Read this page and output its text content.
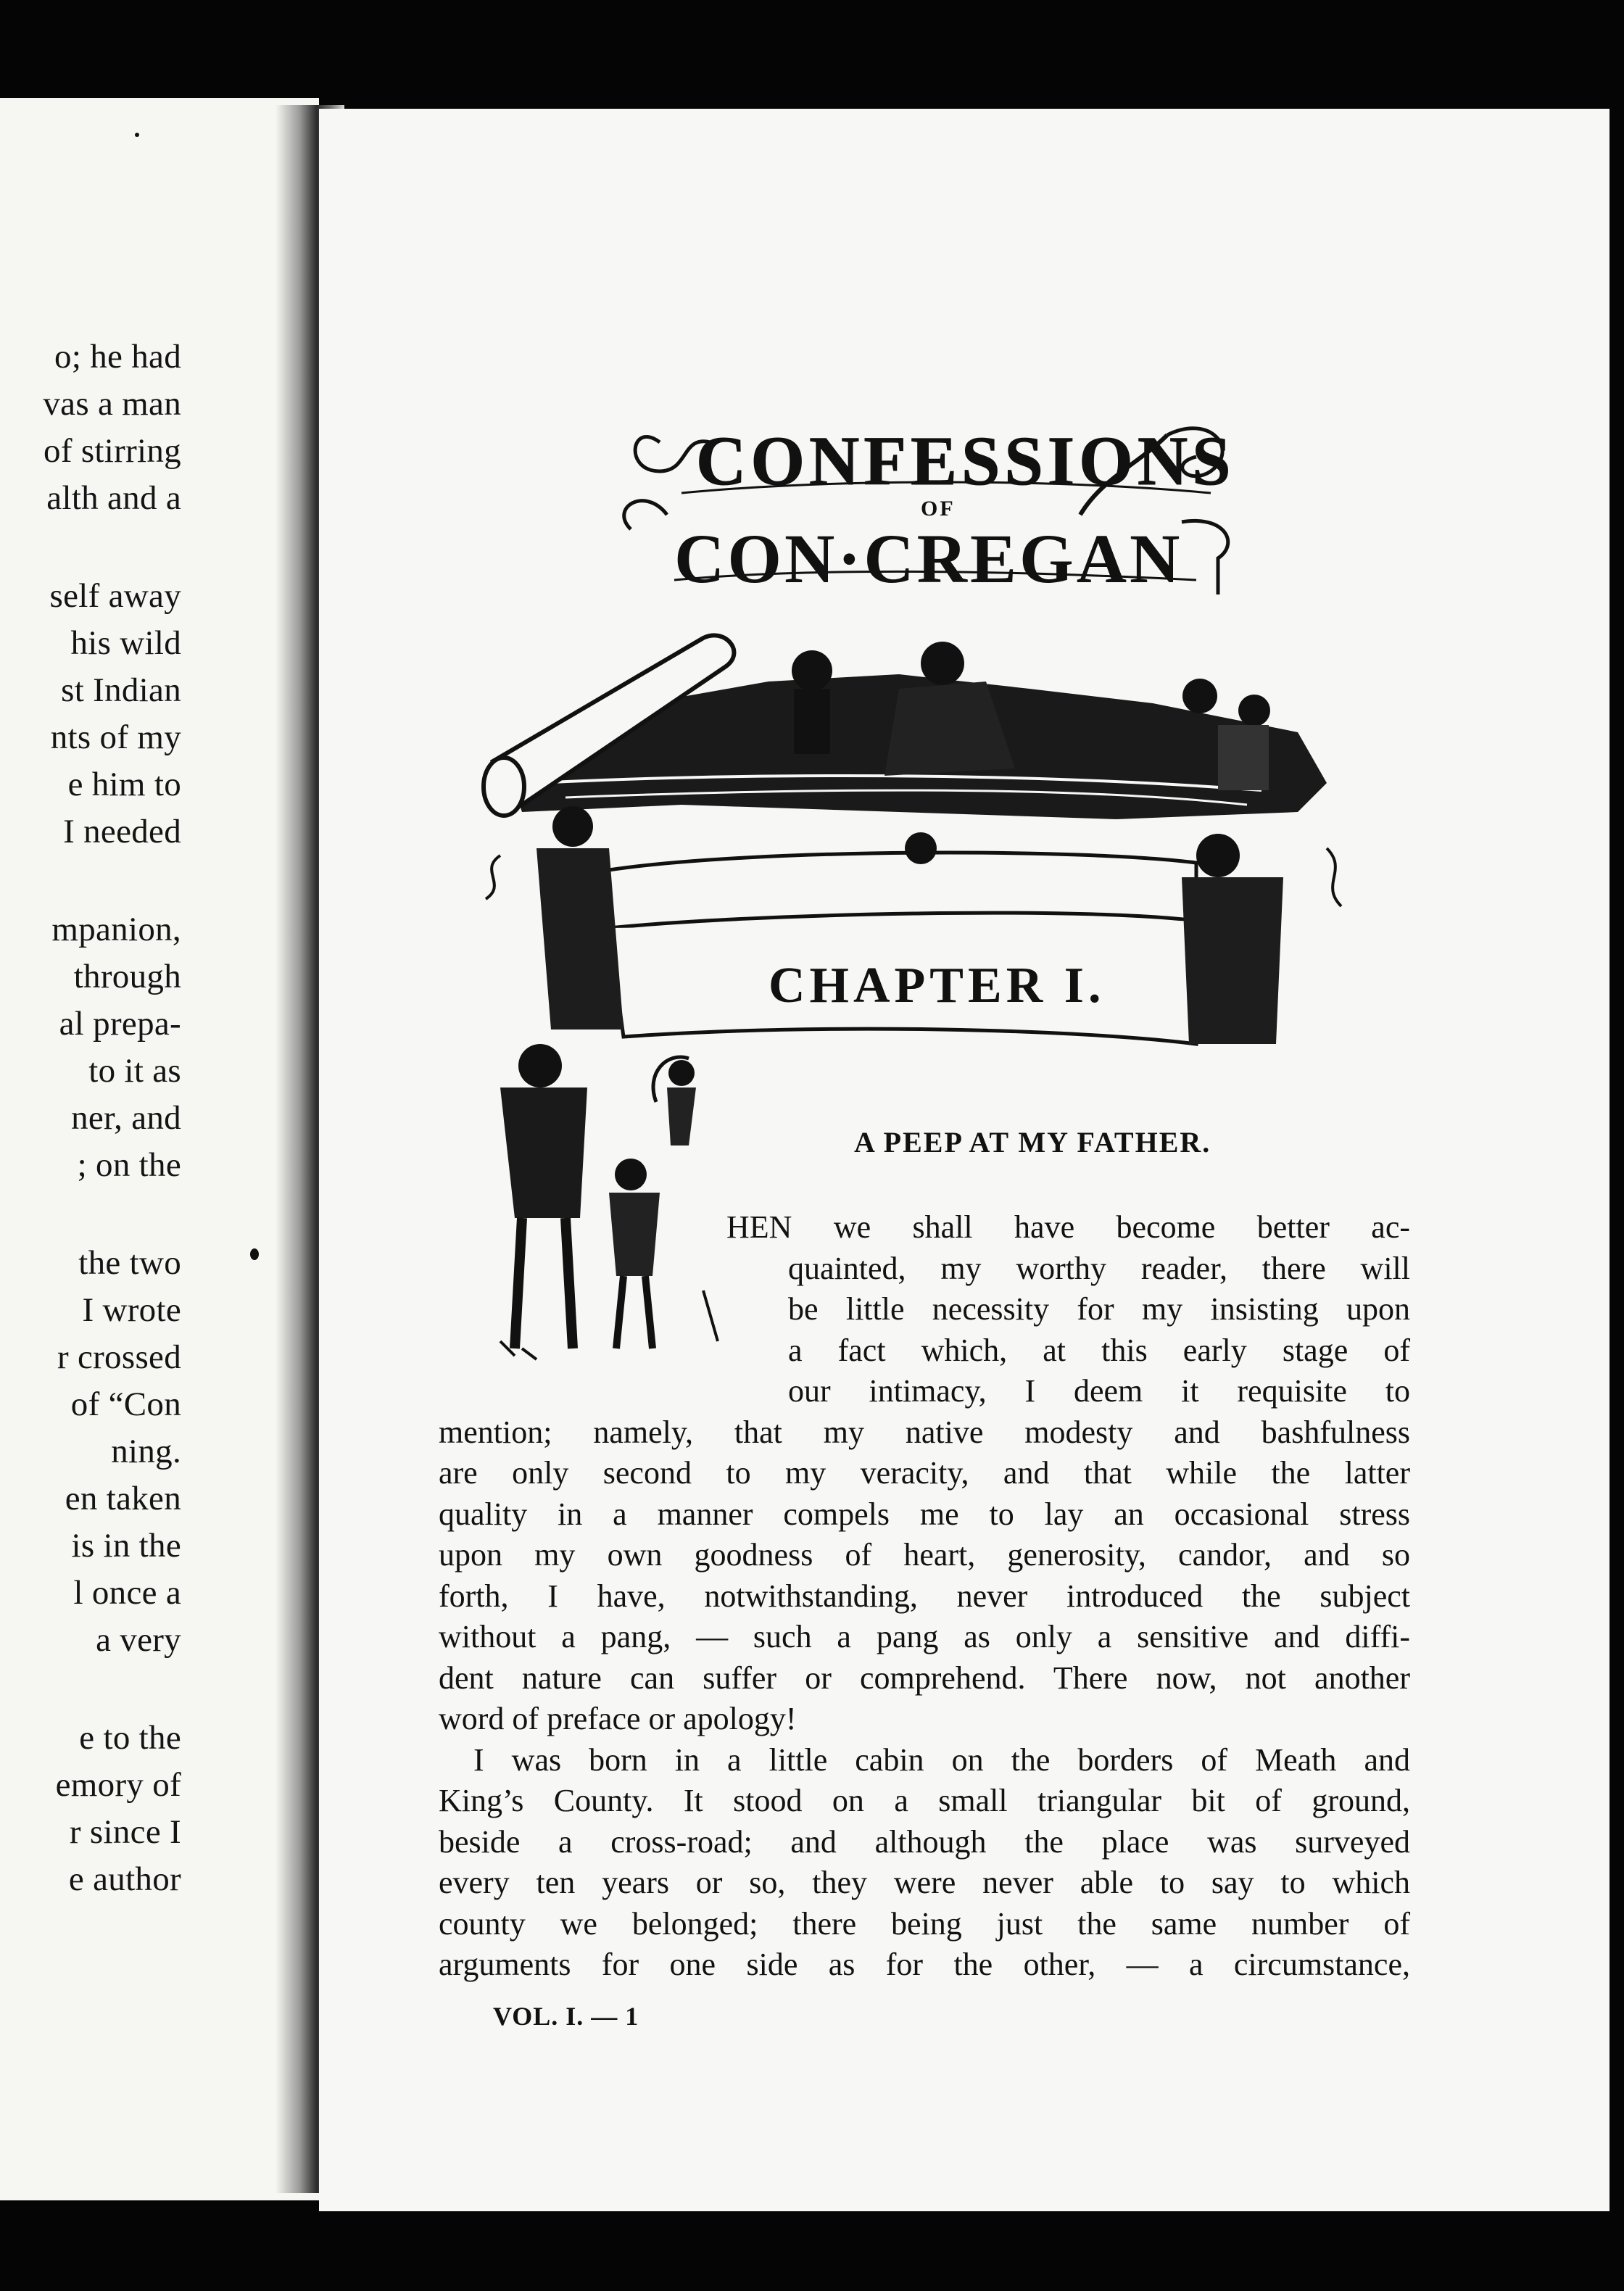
o; he had
vas a man
of stirring
alth and a
self away
his wild
st Indian
nts of my
e him to
I needed
mpanion,
through
al prepa-
to it as
ner, and
; on the
the two
I wrote
r crossed
of “Con
ning.
en taken
is in the
l once a
a very
e to the
emory of
r since I
e author
CONFESSIONS
OF
CON·CREGAN
CHAPTER I.
A PEEP AT MY FATHER.
HEN we shall have become better ac-
quainted, my worthy reader, there will
be little necessity for my insisting upon
a fact which, at this early stage of
our intimacy, I deem it requisite to
mention; namely, that my native modesty and bashfulness
are only second to my veracity, and that while the latter
quality in a manner compels me to lay an occasional stress
upon my own goodness of heart, generosity, candor, and so
forth, I have, notwithstanding, never introduced the subject
without a pang, — such a pang as only a sensitive and diffi-
dent nature can suffer or comprehend. There now, not another
word of preface or apology!
I was born in a little cabin on the borders of Meath and
King’s County. It stood on a small triangular bit of ground,
beside a cross-road; and although the place was surveyed
every ten years or so, they were never able to say to which
county we belonged; there being just the same number of
arguments for one side as for the other, — a circumstance,
VOL. I. — 1
